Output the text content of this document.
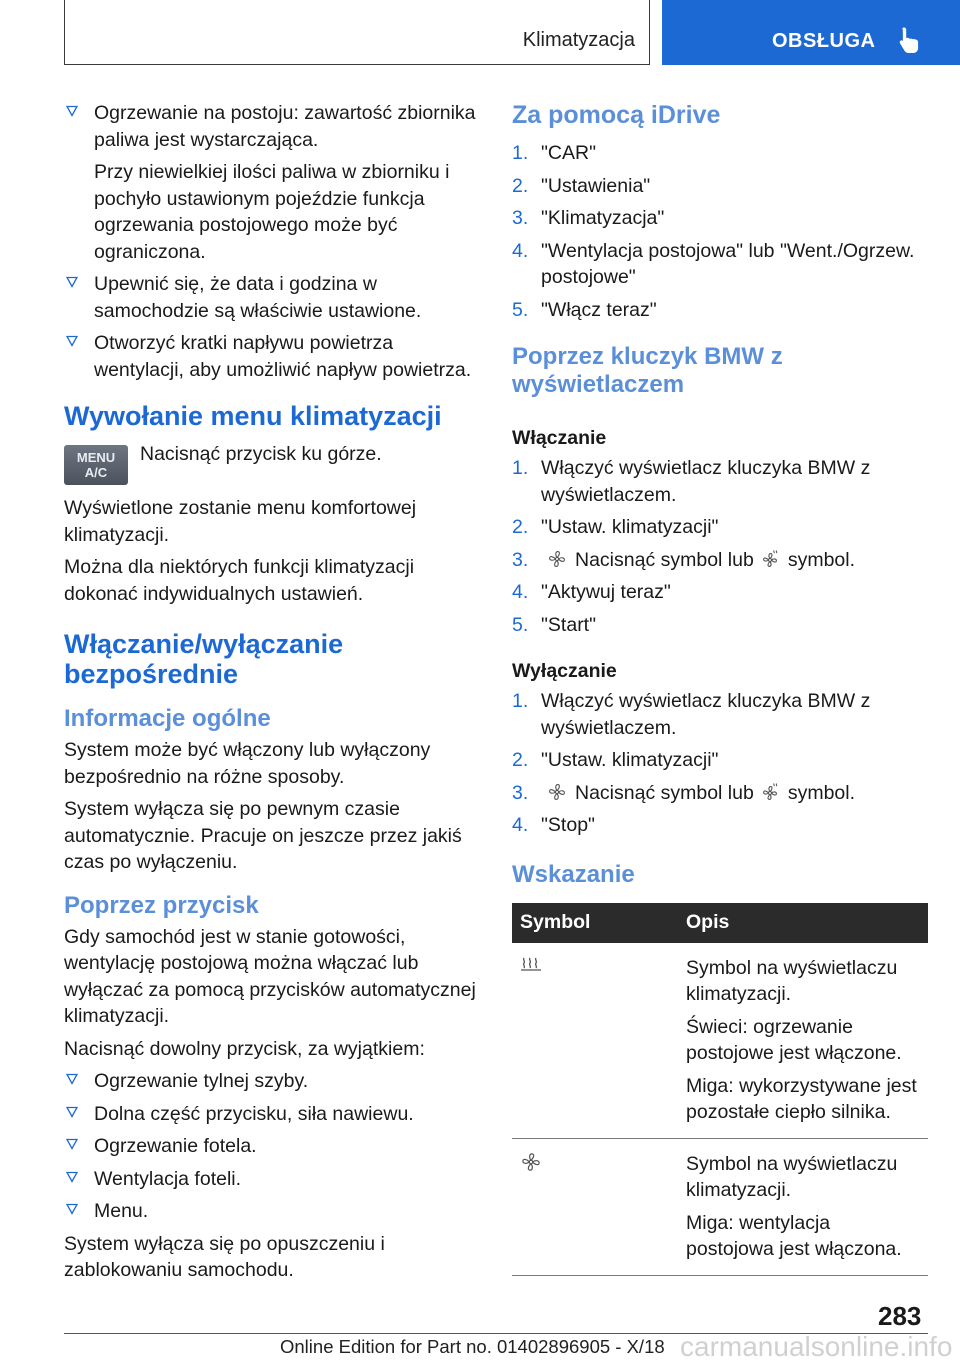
Klimatyzacja	OBSŁUGA

Ogrzewanie na postoju: zawartość zbiornika paliwa jest wystarczająca.

Przy niewielkiej ilości paliwa w zbiorniku i pochyło ustawionym pojeździe funkcja ogrzewania postojowego może być ograniczona.

Upewnić się, że data i godzina w samochodzie są właściwie ustawione.

Otworzyć kratki napływu powietrza wentylacji, aby umożliwić napływ powietrza.

Wywołanie menu klimatyzacji
MENU
A/C
Nacisnąć przycisk ku górze.

Wyświetlone zostanie menu komfortowej klimatyzacji.

Można dla niektórych funkcji klimatyzacji dokonać indywidualnych ustawień.

Włączanie/wyłączanie bezpośrednie
Informacje ogólne

System może być włączony lub wyłączony bezpośrednio na różne sposoby.

System wyłącza się po pewnym czasie automatycznie. Pracuje on jeszcze przez jakiś czas po wyłączeniu.

Poprzez przycisk

Gdy samochód jest w stanie gotowości, wentylację postojową można włączać lub wyłączać za pomocą przycisków automatycznej klimatyzacji.

Nacisnąć dowolny przycisk, za wyjątkiem:

Ogrzewanie tylnej szyby.

Dolna część przycisku, siła nawiewu.

Ogrzewanie fotela.

Wentylacja foteli.

Menu.

System wyłącza się po opuszczeniu i zablokowaniu samochodu.

Za pomocą iDrive
1. "CAR"
2. "Ustawienia"
3. "Klimatyzacja"
4. "Wentylacja postojowa" lub "Went./Ogrzew. postojowe"
5. "Włącz teraz"
Poprzez kluczyk BMW z wyświetlaczem
Włączanie
1. Włączyć wyświetlacz kluczyka BMW z wyświetlaczem.
2. "Ustaw. klimatyzacji"
3. Nacisnąć symbol lub symbol.
4. "Aktywuj teraz"
5. "Start"
Wyłączanie
1. Włączyć wyświetlacz kluczyka BMW z wyświetlaczem.
2. "Ustaw. klimatyzacji"
3. Nacisnąć symbol lub symbol.
4. "Stop"
Wskazanie
Symbol	Opis

Symbol na wyświetlaczu klimatyzacji.

Świeci: ogrzewanie postojowe jest włączone.

Miga: wykorzystywane jest pozostałe ciepło silnika.

Symbol na wyświetlaczu klimatyzacji.

Miga: wentylacja postojowa jest włączona.

283
Online Edition for Part no. 01402896905 - X/18 carmanualsonline.info
